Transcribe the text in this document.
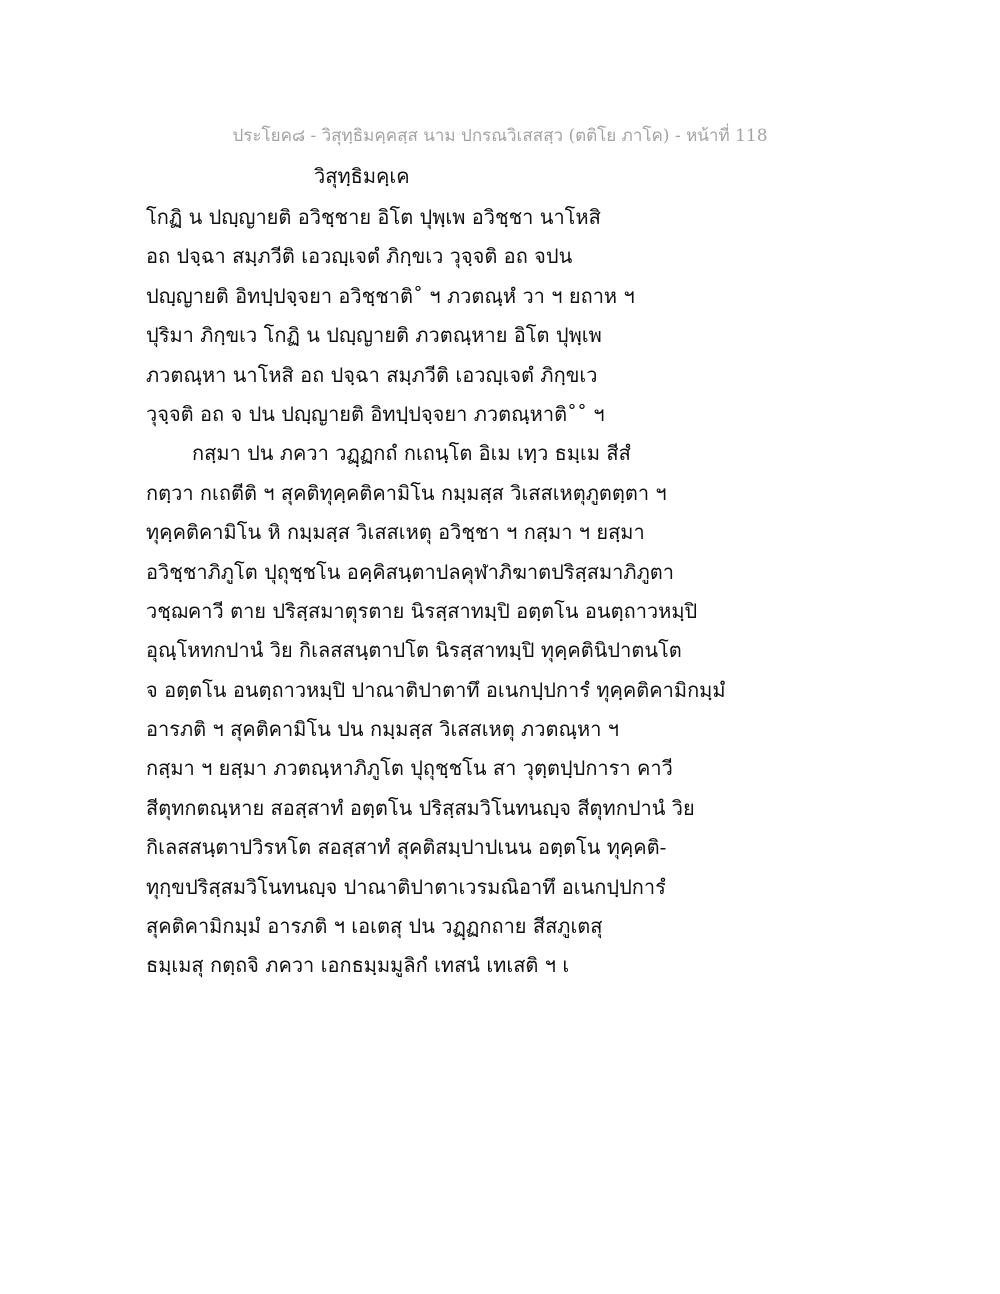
ประโยค๘ - วิสุทฺธิมคฺคสฺส นาม ปกรณวิเสสสฺว (ตติโย ภาโค) - หน้าที่ 118
วิสุทฺธิมคฺเค
โกฏิ น ปญฺญายติ อวิชฺชาย อิโต ปุพฺเพ อวิชฺชา นาโหสิ
อถ ปจฺฉา สมฺภวีติ เอวญฺเจตํ ภิกฺขเว วุจฺจติ อถ จปน
ปญฺญายติ อิทปฺปจฺจยา อวิชฺชาติ˚ ฯ ภวตณฺหํ วา ฯ ยถาห ฯ
ปุริมา ภิกฺขเว โกฏิ น ปญฺญายติ ภวตณฺหาย อิโต ปุพฺเพ
ภวตณฺหา นาโหสิ อถ ปจฺฉา สมฺภวีติ เอวญฺเจตํ ภิกฺขเว
วุจฺจติ อถ จ ปน ปญฺญายติ อิทปฺปจฺจยา ภวตณฺหาติ˚˚ ฯ
กสฺมา ปน ภควา วฏฺฏกถํ กเถนฺโต อิเม เทฺว ธมฺเม สีสํ
กตฺวา กเถตีติ ฯ สุคติทุคฺคติคามิโน กมฺมสฺส วิเสสเหตุภูตตฺตา ฯ
ทุคฺคติคามิโน หิ กมฺมสฺส วิเสสเหตุ อวิชฺชา ฯ กสฺมา ฯ ยสฺมา
อวิชฺชาภิภูโต ปุถุชฺชโน อคฺคิสนฺตาปลคุฬาภิฆาตปริสฺสมาภิภูตา
วชฺฌคาวี ตาย ปริสฺสมาตุรตาย นิรสฺสาทมฺปิ อตฺตโน อนตฺถาวหมฺปิ
อุณฺโหทกปานํ วิย กิเลสสนฺตาปโต นิรสฺสาทมฺปิ ทุคฺคตินิปาตนโต
จ อตฺตโน อนตฺถาวหมฺปิ ปาณาติปาตาทึ อเนกปฺปการํ ทุคฺคติคามิกมฺมํ
อารภติ ฯ สุคติคามิโน ปน กมฺมสฺส วิเสสเหตุ ภวตณฺหา ฯ
กสฺมา ฯ ยสฺมา ภวตณฺหาภิภูโต ปุถุชฺชโน สา วุตฺตปฺปการา คาวี
สีตุทกตณฺหาย สอสฺสาทํ อตฺตโน ปริสฺสมวิโนทนญฺจ สีตุทกปานํ วิย
กิเลสสนฺตาปวิรหโต สอสฺสาทํ สุคติสมฺปาปเนน อตฺตโน ทุคฺคติ-
ทุกฺขปริสฺสมวิโนทนญฺจ ปาณาติปาตาเวรมณิอาทึ อเนกปฺปการํ
สุคติคามิกมฺมํ อารภติ ฯ เอเตสุ ปน วฏฺฏกถาย สีสภูเตสุ
ธมฺเมสุ กตฺถจิ ภควา เอกธมฺมมูลิกํ เทสนํ เทเสติ ฯ เ
